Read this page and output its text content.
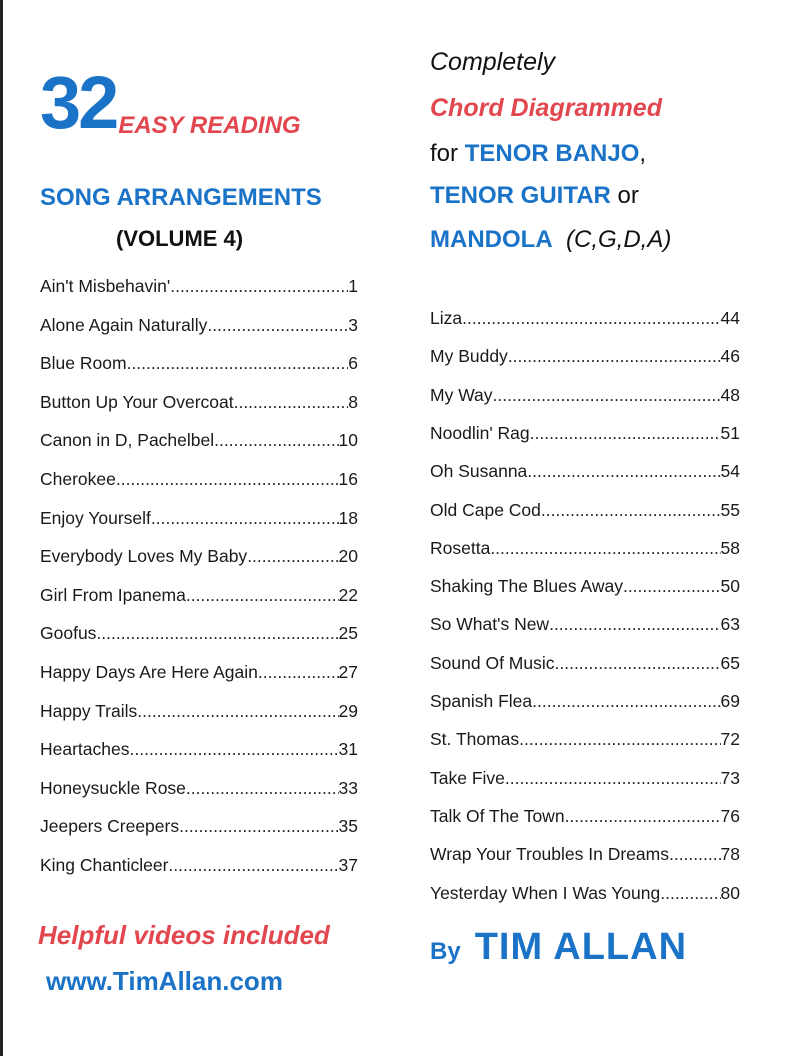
32 EASY READING
SONG ARRANGEMENTS
(VOLUME 4)
Ain't Misbehavin' .....	1
Alone Again Naturally .....	3
Blue Room .....	6
Button Up Your Overcoat .....	8
Canon in D, Pachelbel .....	10
Cherokee .....	16
Enjoy Yourself .....	18
Everybody Loves My Baby .....	20
Girl From Ipanema .....	22
Goofus .....	25
Happy Days Are Here Again .....	27
Happy Trails .....	29
Heartaches .....	31
Honeysuckle Rose .....	33
Jeepers Creepers .....	35
King Chanticleer .....	37
Completely
Chord Diagrammed
for TENOR BANJO,
TENOR GUITAR or
MANDOLA (C,G,D,A)
Liza .....	44
My Buddy .....	46
My Way .....	48
Noodlin' Rag .....	51
Oh Susanna .....	54
Old Cape Cod .....	55
Rosetta .....	58
Shaking The Blues Away .....	50
So What's New .....	63
Sound Of Music .....	65
Spanish Flea .....	69
St. Thomas .....	72
Take Five .....	73
Talk Of The Town .....	76
Wrap Your Troubles In Dreams .....	78
Yesterday When I Was Young .....	80
Helpful videos included
www.TimAllan.com
By TIM ALLAN
